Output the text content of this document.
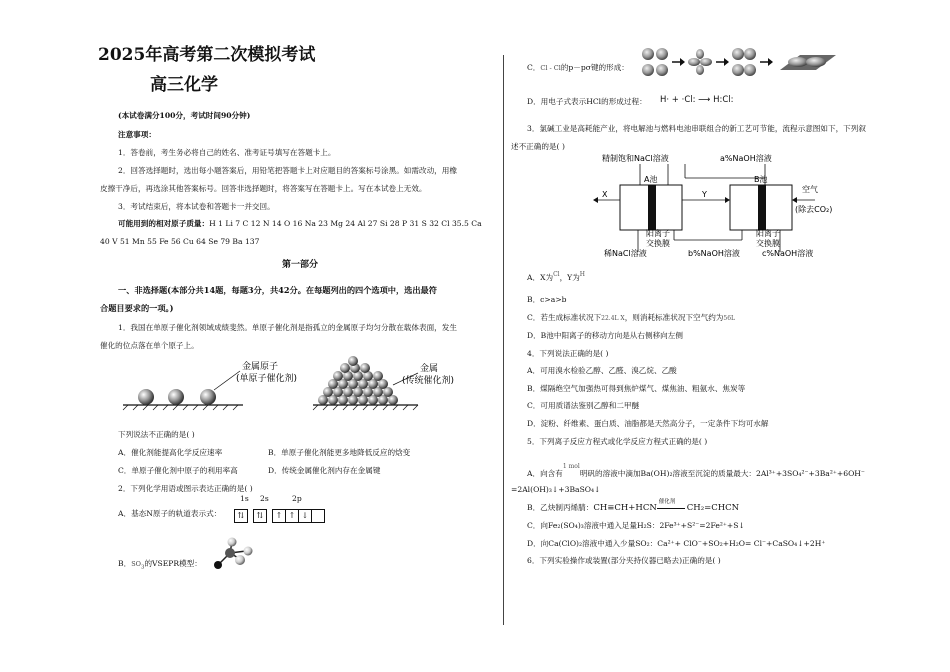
2025年高考第二次模拟考试
高三化学
(本试卷满分100分，考试时间90分钟)
注意事项：
1．答卷前，考生务必将自己的姓名、准考证号填写在答题卡上。
2．回答选择题时，选出每小题答案后，用铅笔把答题卡上对应题目的答案标号涂黑。如需改动，用橡
皮擦干净后，再选涂其他答案标号。回答非选择题时，将答案写在答题卡上。写在本试卷上无效。
3．考试结束后，将本试卷和答题卡一并交回。
可能用到的相对原子质量：H 1 Li 7 C 12 N 14 O 16 Na 23 Mg 24 Al 27 Si 28 P 31 S 32 Cl 35.5 Ca
40 V 51 Mn 55 Fe 56 Cu 64 Se 79 Ba 137
第一部分
一、非选择题(本部分共14题，每题3分，共42分。在每题列出的四个选项中，选出最符
合题目要求的一项。)
1．我国在单原子催化剂领域成绩斐然。单原子催化剂是指孤立的金属原子均匀分散在载体表面，发生
催化的位点落在单个原子上。
金属原子
(单原子催化剂)
金属
(传统催化剂)
下列说法不正确的是( )
A．催化剂能提高化学反应速率	B．单原子催化剂能更多地降低反应的焓变
C．单原子催化剂中原子的利用率高	D．传统金属催化剂内存在金属键
2．下列化学用语或图示表达正确的是( )
A．基态N原子的轨道表示式：
1s 2s	2p
⇅ ⇅ ↑ ↑ ↓
B．$SO_3$的VSEPR模型：
C．Cl - Cl的p－pσ键的形成：
D．用电子式表示HCl的形成过程： H· + ·Cl: ⟶ H:Cl:
3．氯碱工业是高耗能产业，将电解池与燃料电池串联组合的新工艺可节能，流程示意图如下，下列叙
述不正确的是( )
精制饱和NaCl溶液	a%NaOH溶液
A池	B池
X	Y
空气
(除去CO₂)
阳离子
交换膜
阳离子
交换膜
稀NaCl溶液	b%NaOH溶液	c%NaOH溶液
A．X为$^{Cl}$，Y为$^H$
B．c>a>b
C．若生成标准状况下22.4L X，则消耗标准状况下空气约为56L
D．B池中阳离子的移动方向是从右侧移向左侧
4．下列说法正确的是( )
A．可用溴水检验乙醇、乙醛、溴乙烷、乙酸
B．煤隔绝空气加强热可得到焦炉煤气、煤焦油、粗氨水、焦炭等
C．可用质谱法鉴别乙醇和二甲醚
D．淀粉、纤维素、蛋白质、油脂都是天然高分子，一定条件下均可水解
5．下列离子反应方程式或化学反应方程式正确的是( )
A．向含有$^{1 mol}$明矾的溶液中滴加Ba(OH)₂溶液至沉淀的质量最大：2Al³⁺+3SO₄²⁻+3Ba²⁺+6OH⁻
=2Al(OH)₃↓+3BaSO₄↓
B．乙炔制丙烯腈：CH≡CH+HCN
催化剂
CH₂=CHCN
C．向Fe₂(SO₄)₃溶液中通入足量H₂S：2Fe³⁺+S²⁻=2Fe²⁺+S↓
D．向Ca(ClO)₂溶液中通入少量SO₂：Ca²⁺+ ClO⁻+SO₂+H₂O= Cl⁻+CaSO₄↓+2H⁺
6．下列实验操作或装置(部分夹持仪器已略去)正确的是( )
